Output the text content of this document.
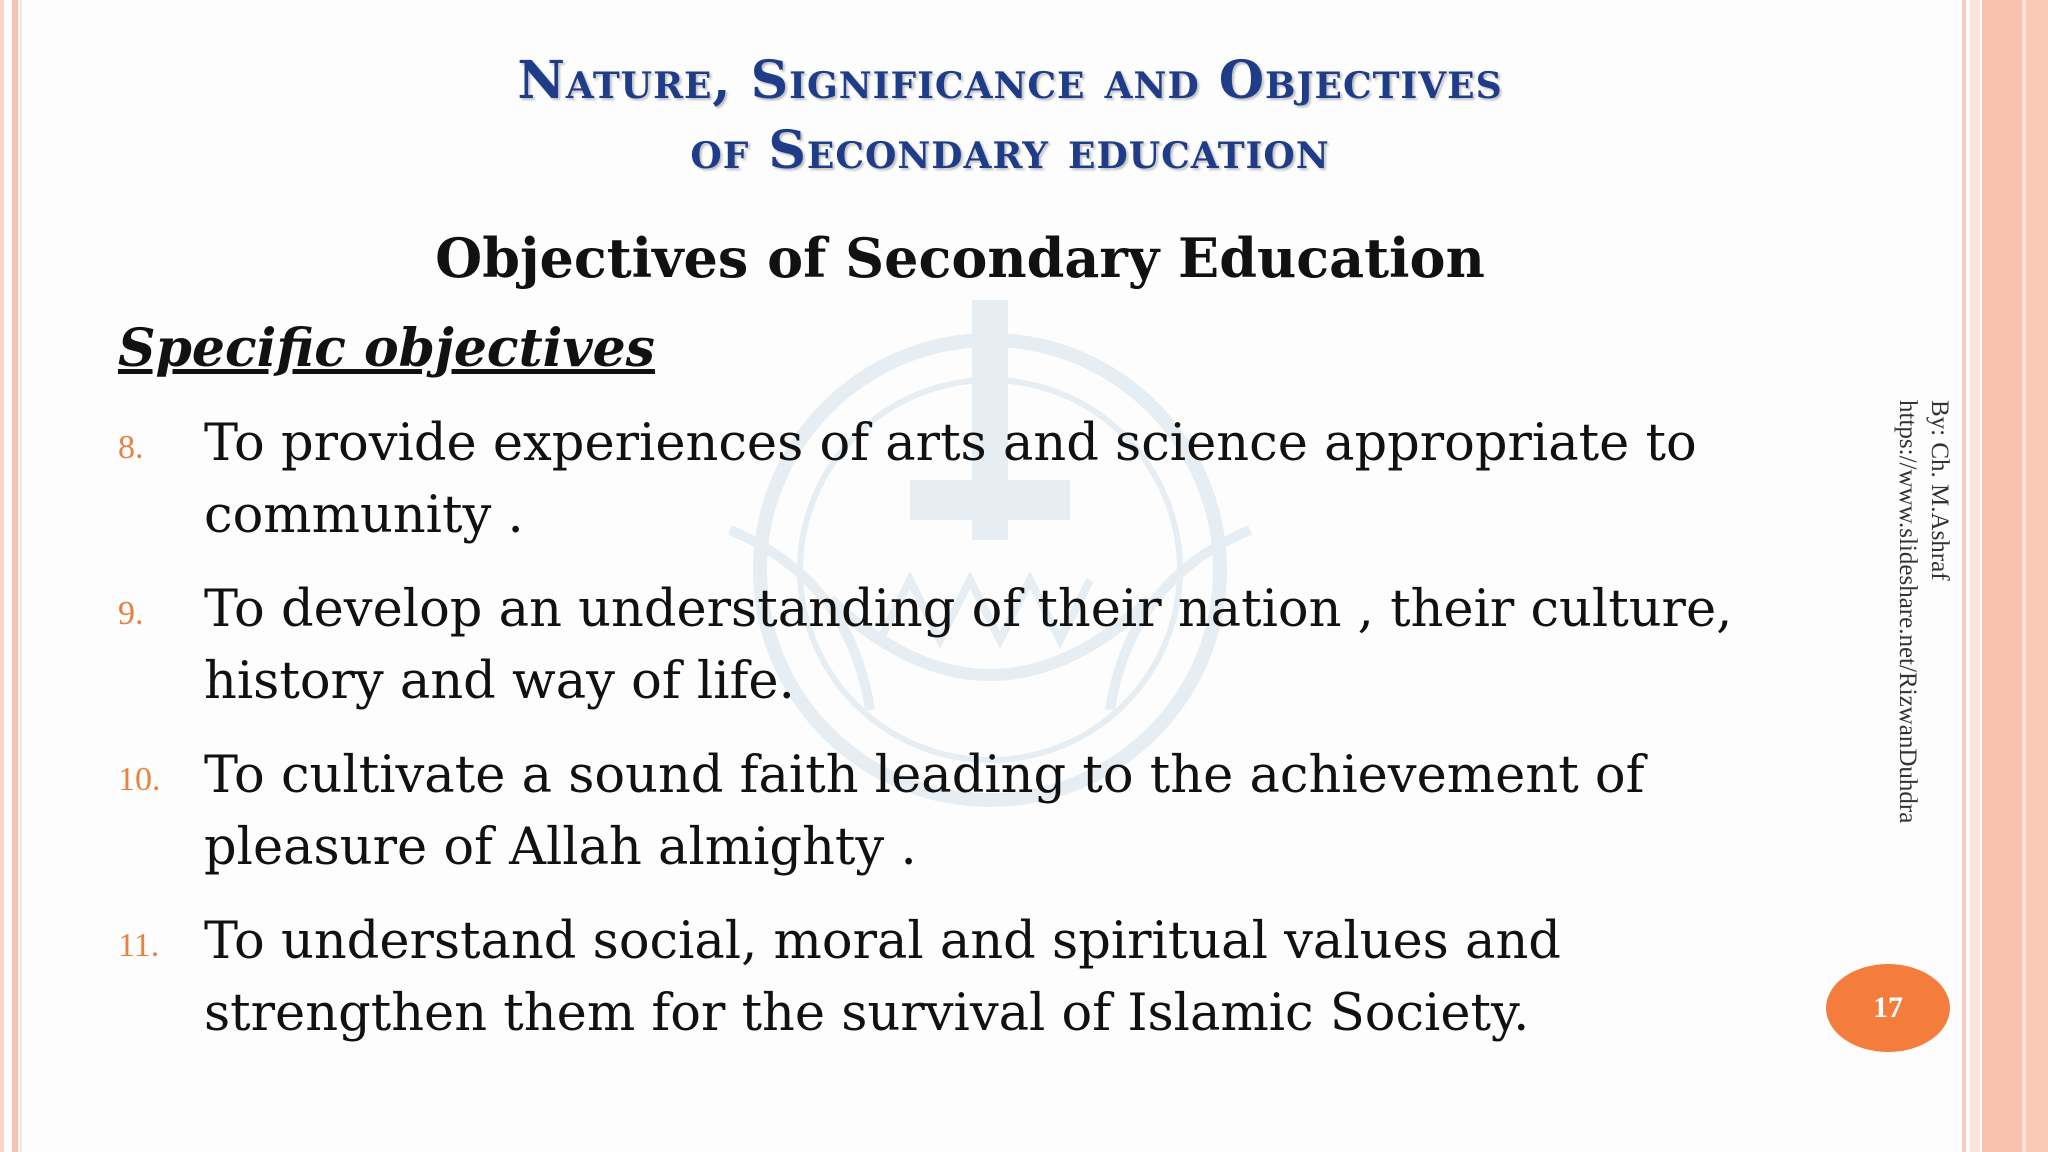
Nature, Significance and Objectives
of Secondary education
Objectives of Secondary Education
Specific objectives
8. To provide experiences of arts and science appropriate to
community .
9. To develop an understanding of their nation , their culture,
history and way of life.
10. To cultivate a sound faith leading to the achievement of
pleasure of Allah almighty .
11. To understand social, moral and spiritual values and
strengthen them for the survival of Islamic Society.
By: Ch. M.Ashraf
https://www.slideshare.net/RizwanDuhdra
17
